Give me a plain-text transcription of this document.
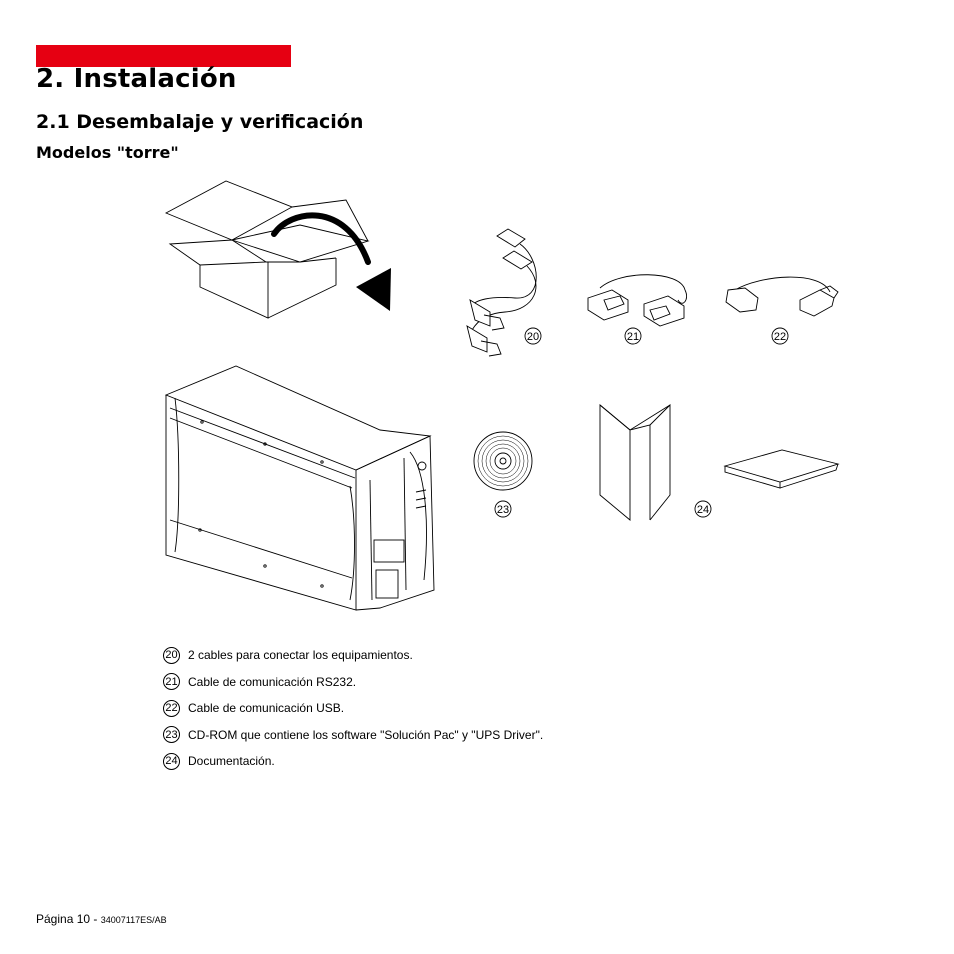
2. Instalación
2.1 Desembalaje y verificación
Modelos "torre"
20	21	22
23	24
20 2 cables para conectar los equipamientos.
21 Cable de comunicación RS232.
22 Cable de comunicación USB.
23 CD-ROM que contiene los software "Solución Pac" y "UPS Driver".
24 Documentación.
Página 10 - 34007117ES/AB
